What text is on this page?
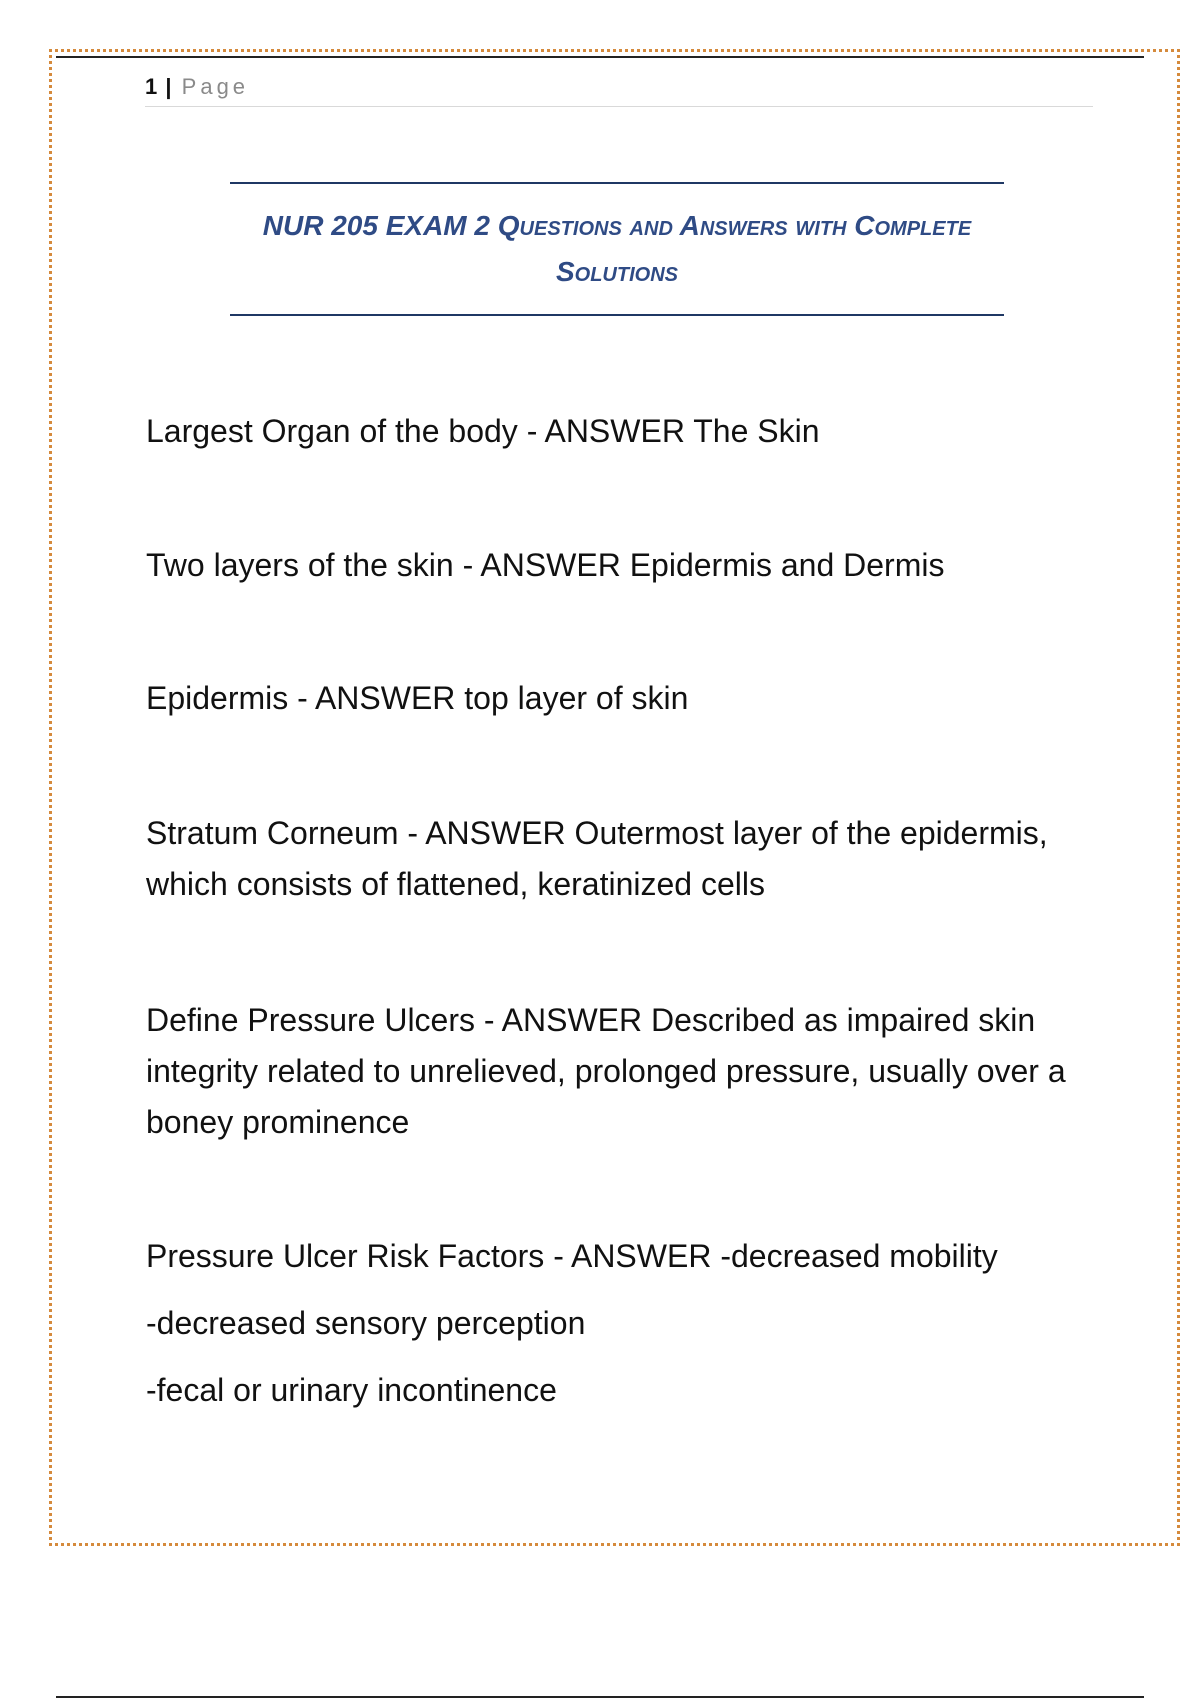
1 | Page
NUR 205 EXAM 2 Questions and Answers with Complete Solutions
Largest Organ of the body - ANSWER The Skin
Two layers of the skin - ANSWER Epidermis and Dermis
Epidermis - ANSWER top layer of skin
Stratum Corneum - ANSWER Outermost layer of the epidermis, which consists of flattened, keratinized cells
Define Pressure Ulcers - ANSWER Described as impaired skin integrity related to unrelieved, prolonged pressure, usually over a boney prominence
Pressure Ulcer Risk Factors - ANSWER -decreased mobility
-decreased sensory perception
-fecal or urinary incontinence
